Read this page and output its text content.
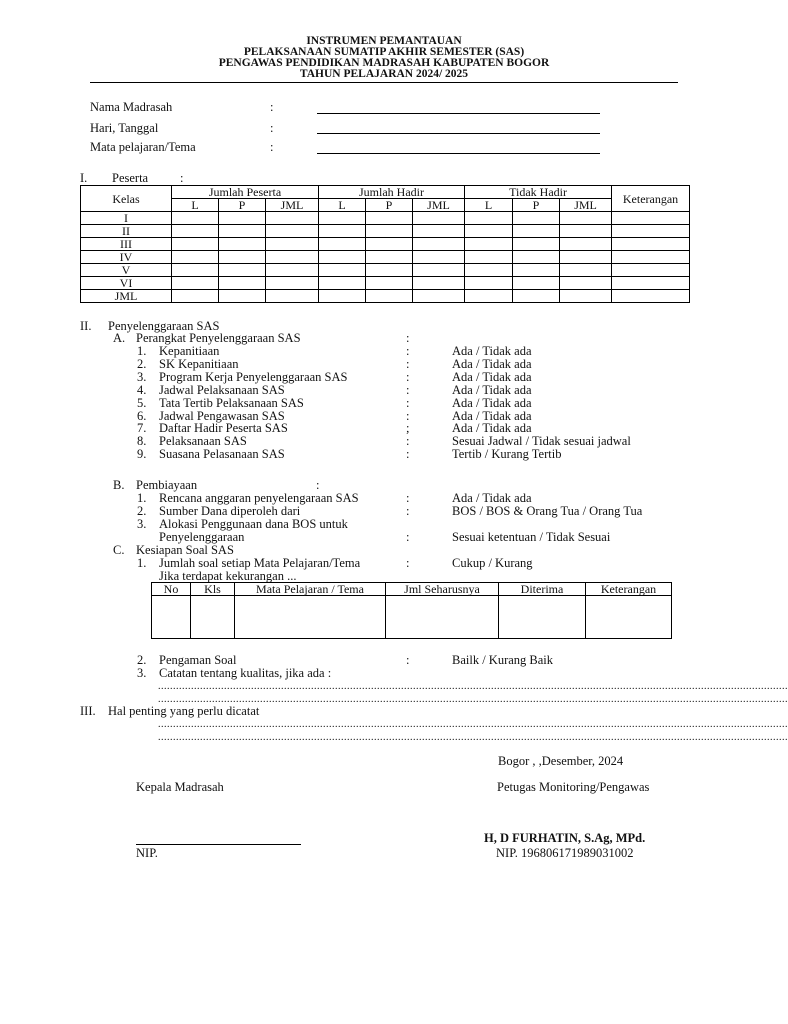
INSTRUMEN PEMANTAUAN
PELAKSANAAN SUMATIP AKHIR SEMESTER (SAS)
PENGAWAS PENDIDIKAN MADRASAH KABUPATEN BOGOR
TAHUN PELAJARAN 2024/ 2025
Nama Madrasah	:
Hari, Tanggal	:
Mata pelajaran/Tema	:
I. Peserta	:
Kelas	Jumlah Peserta			Jumlah Hadir			Tidak Hadir			Keterangan
	L	P	JML	L	P	JML	L	P	JML	
I										
II										
III										
IV										
V										
VI										
JML										
II. Penyelenggaraan SAS
A. Perangkat Penyelenggaraan SAS	:
1. Kepanitiaan	:	Ada / Tidak ada
2. SK Kepanitiaan	:	Ada / Tidak ada
3. Program Kerja Penyelenggaraan SAS	:	Ada / Tidak ada
4. Jadwal Pelaksanaan SAS	:	Ada / Tidak ada
5. Tata Tertib Pelaksanaan SAS	:	Ada / Tidak ada
6. Jadwal Pengawasan SAS	:	Ada / Tidak ada
7. Daftar Hadir Peserta SAS	;	Ada / Tidak ada
8. Pelaksanaan SAS	:	Sesuai Jadwal / Tidak sesuai jadwal
9. Suasana Pelasanaan SAS	:	Tertib / Kurang Tertib
B. Pembiayaan	:
1. Rencana anggaran penyelengaraan SAS	:	Ada / Tidak ada
2. Sumber Dana diperoleh dari	:	BOS / BOS & Orang Tua / Orang Tua
3. Alokasi Penggunaan dana BOS untuk
Penyelenggaraan	:	Sesuai ketentuan / Tidak Sesuai
C. Kesiapan Soal SAS
1. Jumlah soal setiap Mata Pelajaran/Tema	:	Cukup / Kurang
Jika terdapat kekurangan ...
No	Kls	Mata Pelajaran / Tema	Jml Seharusnya	Diterima	Keterangan

2. Pengaman Soal	:	Bailk / Kurang Baik
3. Catatan tentang kualitas, jika ada :
..................................................................................................................................................................................................................
..................................................................................................................................................................................................................
III. Hal penting yang perlu dicatat
..................................................................................................................................................................................................................
..................................................................................................................................................................................................................
Bogor , ,Desember, 2024
Kepala Madrasah	Petugas Monitoring/Pengawas
H, D FURHATIN, S.Ag, MPd.
NIP.	NIP. 196806171989031002
